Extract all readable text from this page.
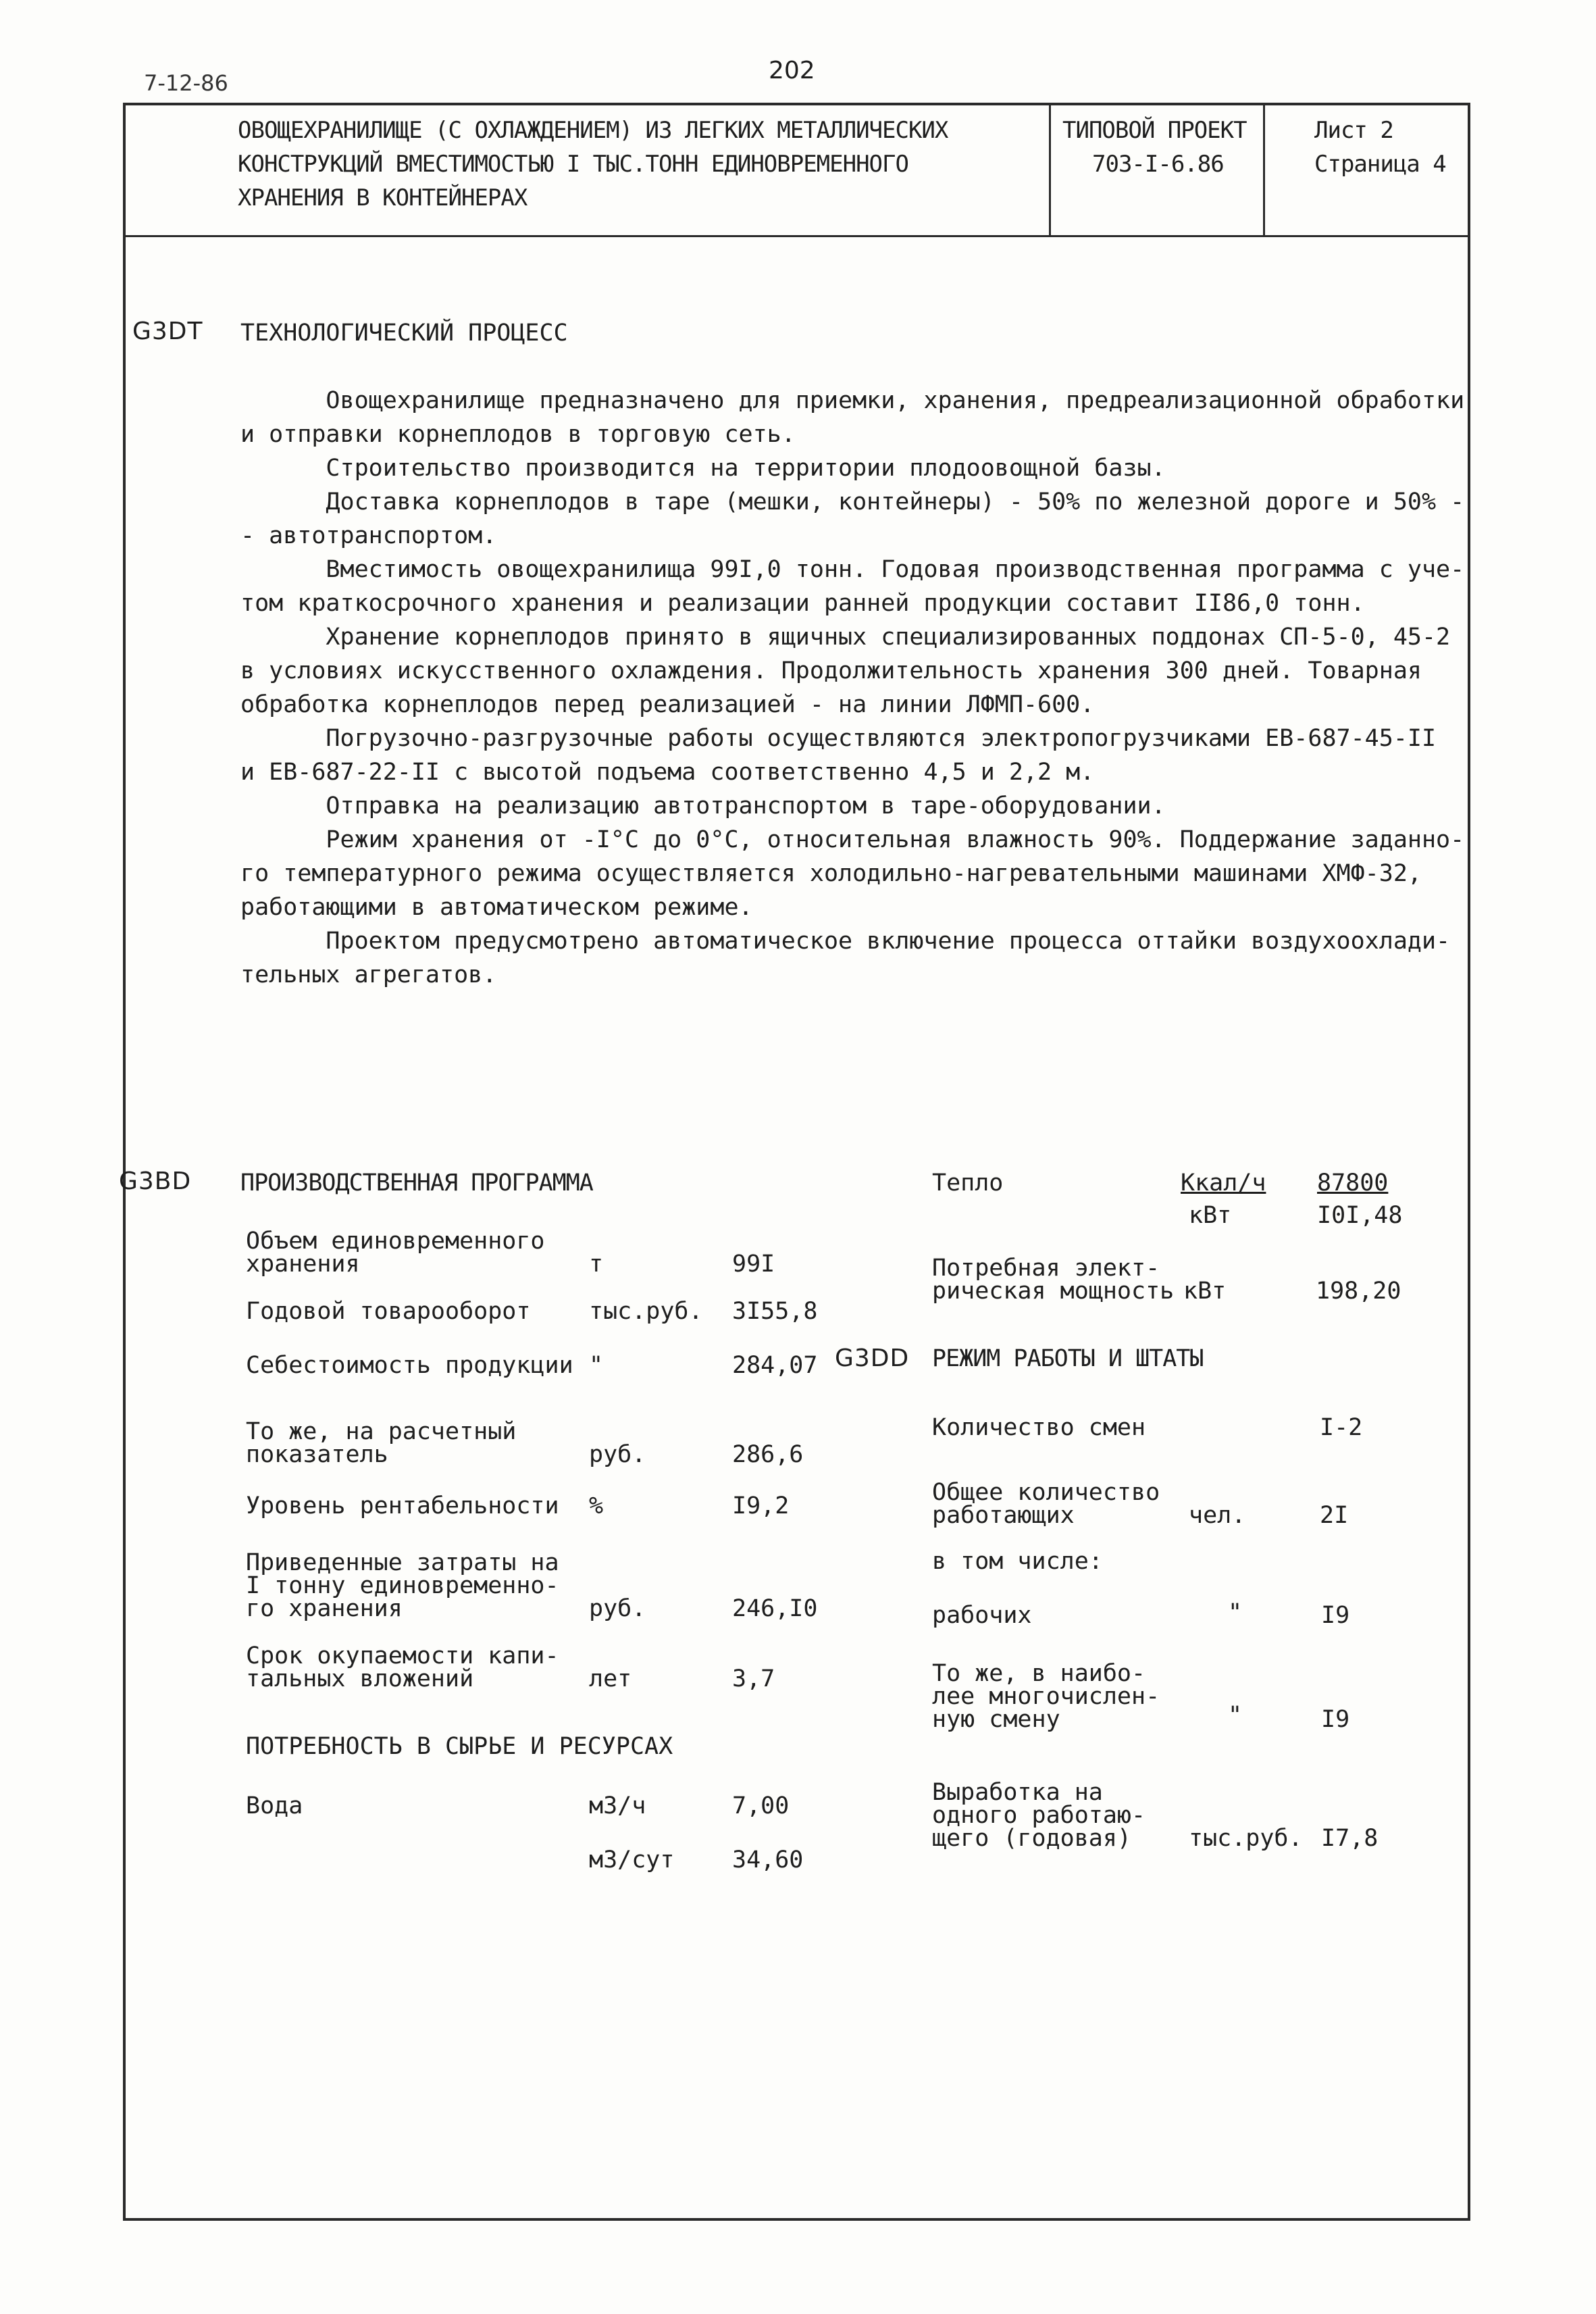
7-12-86	202
ОВОЩЕХРАНИЛИЩЕ (С ОХЛАЖДЕНИЕМ) ИЗ ЛЕГКИХ МЕТАЛЛИЧЕСКИХ
КОНСТРУКЦИЙ ВМЕСТИМОСТЬЮ I ТЫС.ТОНН ЕДИНОВРЕМЕННОГО
ХРАНЕНИЯ В КОНТЕЙНЕРАХ
ТИПОВОЙ ПРОЕКТ
703-I-6.86
Лист 2
Страница 4
G3DT ТЕХНОЛОГИЧЕСКИЙ ПРОЦЕСС
Овощехранилище предназначено для приемки, хранения, предреализационной обработки
и отправки корнеплодов в торговую сеть.
Строительство производится на территории плодоовощной базы.
Доставка корнеплодов в таре (мешки, контейнеры) - 50% по железной дороге и 50% -
- автотранспортом.
Вместимость овощехранилища 99I,0 тонн. Годовая производственная программа с уче-
том краткосрочного хранения и реализации ранней продукции составит II86,0 тонн.
Хранение корнеплодов принято в ящичных специализированных поддонах СП-5-0, 45-2
в условиях искусственного охлаждения. Продолжительность хранения 300 дней. Товарная
обработка корнеплодов перед реализацией - на линии ЛФМП-600.
Погрузочно-разгрузочные работы осуществляются электропогрузчиками ЕВ-687-45-II
и ЕВ-687-22-II с высотой подъема соответственно 4,5 и 2,2 м.
Отправка на реализацию автотранспортом в таре-оборудовании.
Режим хранения от -I°С до 0°С, относительная влажность 90%. Поддержание заданно-
го температурного режима осуществляется холодильно-нагревательными машинами ХМФ-32,
работающими в автоматическом режиме.
Проектом предусмотрено автоматическое включение процесса оттайки воздухоохлади-
тельных агрегатов.
G3BD ПРОИЗВОДСТВЕННАЯ ПРОГРАММА
Объем единовременного
хранения	т	99I
Годовой товарооборот тыс.руб. 3I55,8
Себестоимость продукции "	284,07
То же, на расчетный
показатель	руб.	286,6
Уровень рентабельности %	I9,2
Приведенные затраты на
I тонну единовременно-
го хранения	руб.	246,I0
Срок окупаемости капи-
тальных вложений	лет	3,7
ПОТРЕБНОСТЬ В СЫРЬЕ И РЕСУРСАХ
Вода	м3/ч	7,00
м3/сут 34,60
Тепло	Ккал/ч 87800
кВт	I0I,48
Потребная элект-
рическая мощность кВт	198,20
G3DD РЕЖИМ РАБОТЫ И ШТАТЫ
Количество смен	I-2
Общее количество
работающих	чел.	2I
в том числе:
рабочих	"	I9
То же, в наибо-
лее многочислен-
ную смену	"	I9
Выработка на
одного работаю-
щего (годовая) тыс.руб. I7,8
